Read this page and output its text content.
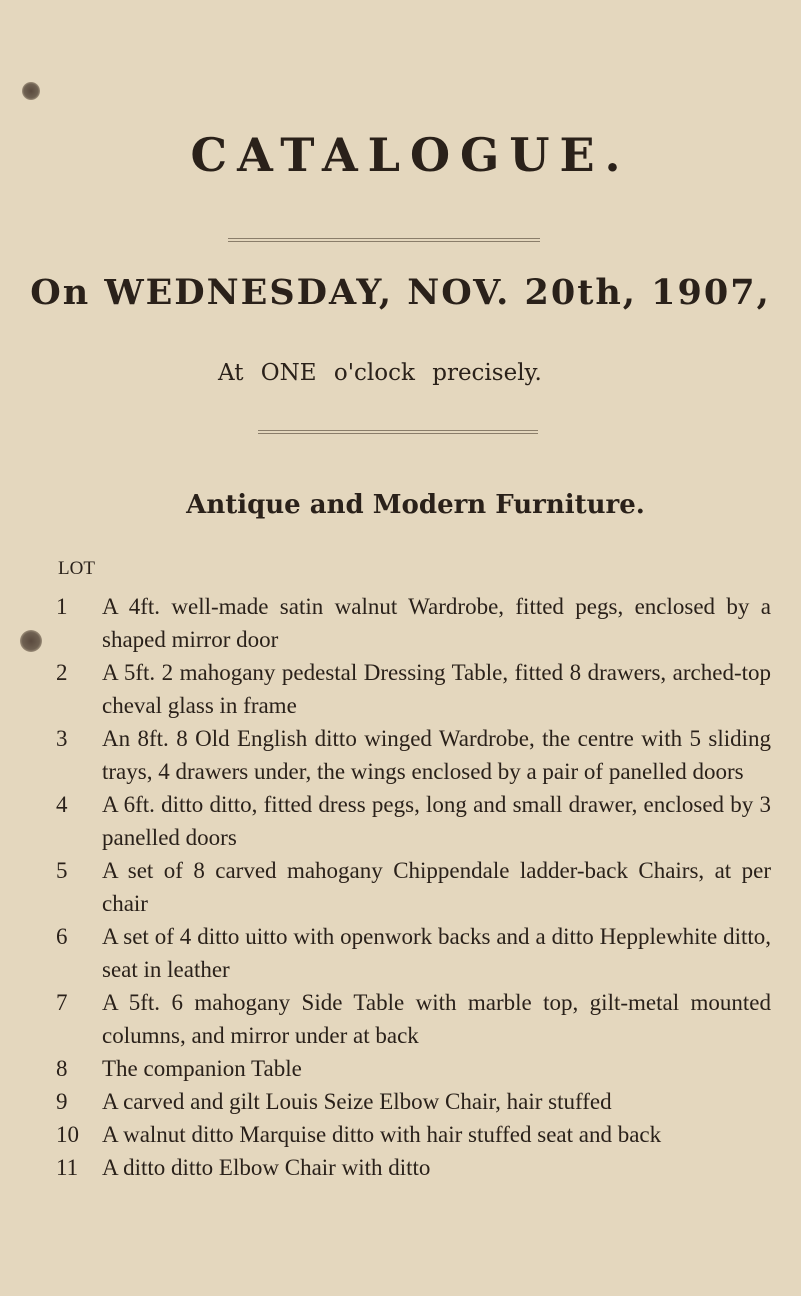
CATALOGUE.
On WEDNESDAY, NOV. 20th, 1907,
At ONE o'clock precisely.
Antique and Modern Furniture.
LOT
1	A 4ft. well-made satin walnut Wardrobe, fitted pegs, enclosed by a shaped mirror door
2	A 5ft. 2 mahogany pedestal Dressing Table, fitted 8 drawers, arched-top cheval glass in frame
3	An 8ft. 8 Old English ditto winged Wardrobe, the centre with 5 sliding trays, 4 drawers under, the wings enclosed by a pair of panelled doors
4	A 6ft. ditto ditto, fitted dress pegs, long and small drawer, enclosed by 3 panelled doors
5	A set of 8 carved mahogany Chippendale ladder-back Chairs, at per chair
6	A set of 4 ditto uitto with openwork backs and a ditto Hepplewhite ditto, seat in leather
7	A 5ft. 6 mahogany Side Table with marble top, gilt-metal mounted columns, and mirror under at back
8	The companion Table
9	A carved and gilt Louis Seize Elbow Chair, hair stuffed
10	A walnut ditto Marquise ditto with hair stuffed seat and back
11	A ditto ditto Elbow Chair with ditto
